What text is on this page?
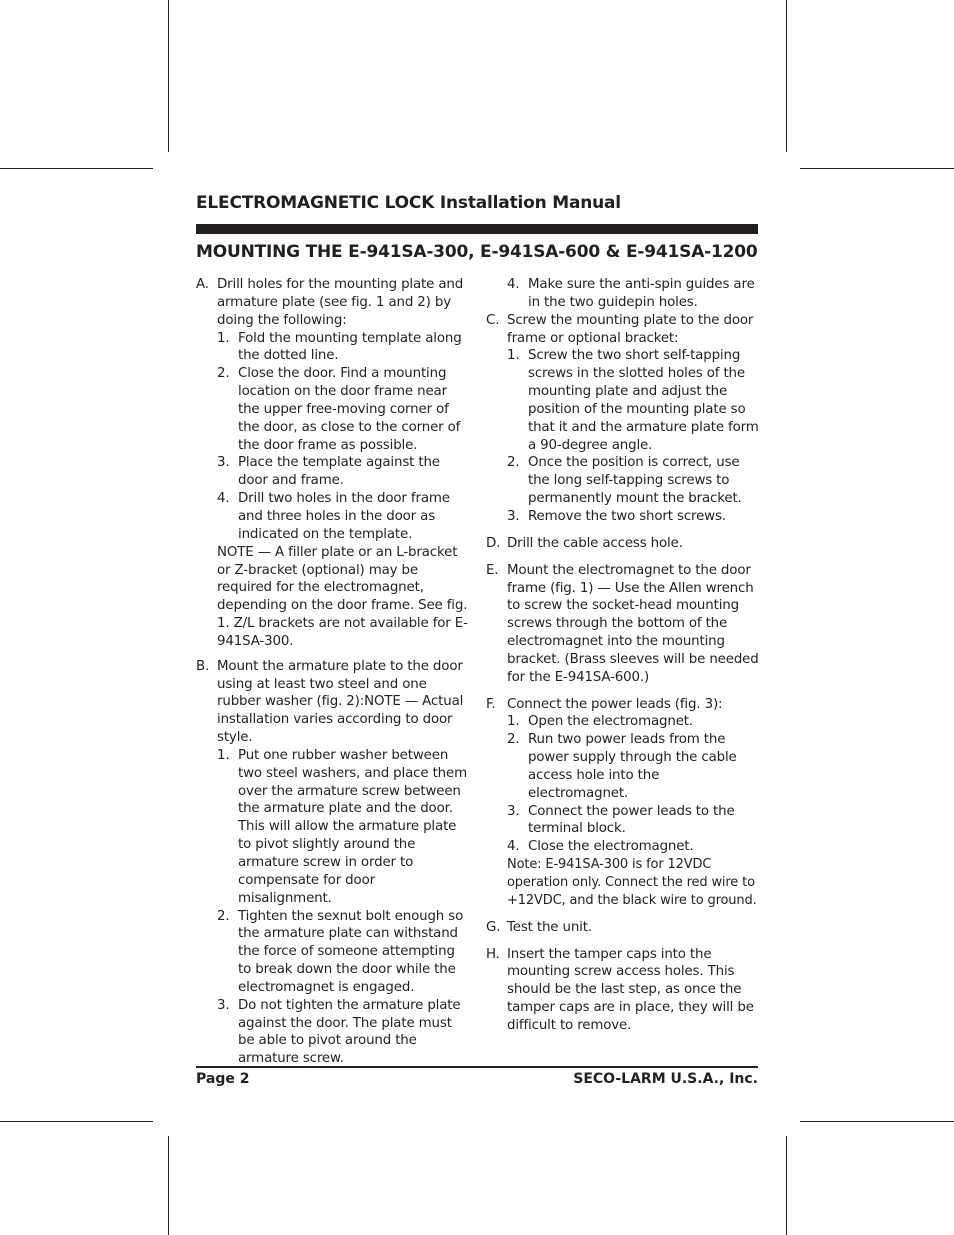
ELECTROMAGNETIC LOCK Installation Manual
MOUNTING THE E-941SA-300, E-941SA-600 & E-941SA-1200
A. Drill holes for the mounting plate and armature plate (see fig. 1 and 2) by doing the following:
1. Fold the mounting template along the dotted line.
2. Close the door. Find a mounting location on the door frame near the upper free-moving corner of the door, as close to the corner of the door frame as possible.
3. Place the template against the door and frame.
4. Drill two holes in the door frame and three holes in the door as indicated on the template.
NOTE — A filler plate or an L-bracket or Z-bracket (optional) may be required for the electromagnet, depending on the door frame. See fig. 1. Z/L brackets are not available for E-941SA-300.
B. Mount the armature plate to the door using at least two steel and one rubber washer (fig. 2):NOTE — Actual installation varies according to door style.
1. Put one rubber washer between two steel washers, and place them over the armature screw between the armature plate and the door. This will allow the armature plate to pivot slightly around the armature screw in order to compensate for door misalignment.
2. Tighten the sexnut bolt enough so the armature plate can withstand the force of someone attempting to break down the door while the electromagnet is engaged.
3. Do not tighten the armature plate against the door. The plate must be able to pivot around the armature screw.
4. Make sure the anti-spin guides are in the two guidepin holes.
C. Screw the mounting plate to the door frame or optional bracket:
1. Screw the two short self-tapping screws in the slotted holes of the mounting plate and adjust the position of the mounting plate so that it and the armature plate form a 90-degree angle.
2. Once the position is correct, use the long self-tapping screws to permanently mount the bracket.
3. Remove the two short screws.
D. Drill the cable access hole.
E. Mount the electromagnet to the door frame (fig. 1) — Use the Allen wrench to screw the socket-head mounting screws through the bottom of the electromagnet into the mounting bracket. (Brass sleeves will be needed for the E-941SA-600.)
F. Connect the power leads (fig. 3):
1. Open the electromagnet.
2. Run two power leads from the power supply through the cable access hole into the electromagnet.
3. Connect the power leads to the terminal block.
4. Close the electromagnet.
Note: E-941SA-300 is for 12VDC operation only. Connect the red wire to +12VDC, and the black wire to ground.
G. Test the unit.
H. Insert the tamper caps into the mounting screw access holes. This should be the last step, as once the tamper caps are in place, they will be difficult to remove.
Page 2	SECO-LARM U.S.A., Inc.
